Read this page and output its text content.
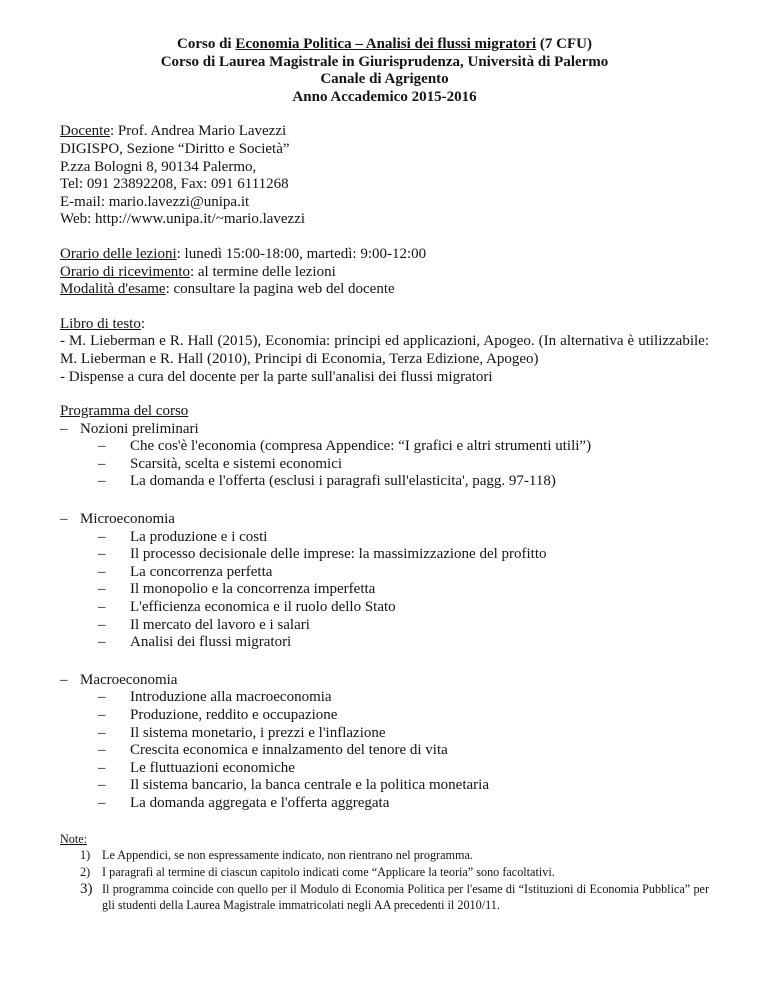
Corso di Economia Politica – Analisi dei flussi migratori (7 CFU)
Corso di Laurea Magistrale in Giurisprudenza, Università di Palermo
Canale di Agrigento
Anno Accademico 2015-2016
Docente: Prof. Andrea Mario Lavezzi
DIGISPO, Sezione “Diritto e Società”
P.zza Bologni 8, 90134 Palermo,
Tel: 091 23892208, Fax: 091 6111268
E-mail: mario.lavezzi@unipa.it
Web: http://www.unipa.it/~mario.lavezzi
Orario delle lezioni: lunedì 15:00-18:00, martedì: 9:00-12:00
Orario di ricevimento: al termine delle lezioni
Modalità d'esame: consultare la pagina web del docente
Libro di testo:
- M. Lieberman e R. Hall (2015), Economia: principi ed applicazioni, Apogeo. (In alternativa è utilizzabile: M. Lieberman e R. Hall (2010), Principi di Economia, Terza Edizione, Apogeo)
- Dispense a cura del docente per la parte sull'analisi dei flussi migratori
Programma del corso
– Nozioni preliminari
–	Che cos'è l'economia (compresa Appendice: “I grafici e altri strumenti utili”)
–	Scarsità, scelta e sistemi economici
–	La domanda e l'offerta (esclusi i paragrafi sull'elasticita', pagg. 97-118)
– Microeconomia
–	La produzione e i costi
–	Il processo decisionale delle imprese: la massimizzazione del profitto
–	La concorrenza perfetta
–	Il monopolio e la concorrenza imperfetta
–	L'efficienza economica e il ruolo dello Stato
–	Il mercato del lavoro e i salari
–	Analisi dei flussi migratori
– Macroeconomia
–	Introduzione alla macroeconomia
–	Produzione, reddito e occupazione
–	Il sistema monetario, i prezzi e l'inflazione
–	Crescita economica e innalzamento del tenore di vita
–	Le fluttuazioni economiche
–	Il sistema bancario, la banca centrale e la politica monetaria
–	La domanda aggregata e l'offerta aggregata
Note:
1) Le Appendici, se non espressamente indicato, non rientrano nel programma.
2) I paragrafi al termine di ciascun capitolo indicati come “Applicare la teoria” sono facoltativi.
3) Il programma coincide con quello per il Modulo di Economia Politica per l'esame di “Istituzioni di Economia Pubblica” per gli studenti della Laurea Magistrale immatricolati negli AA precedenti il 2010/11.
